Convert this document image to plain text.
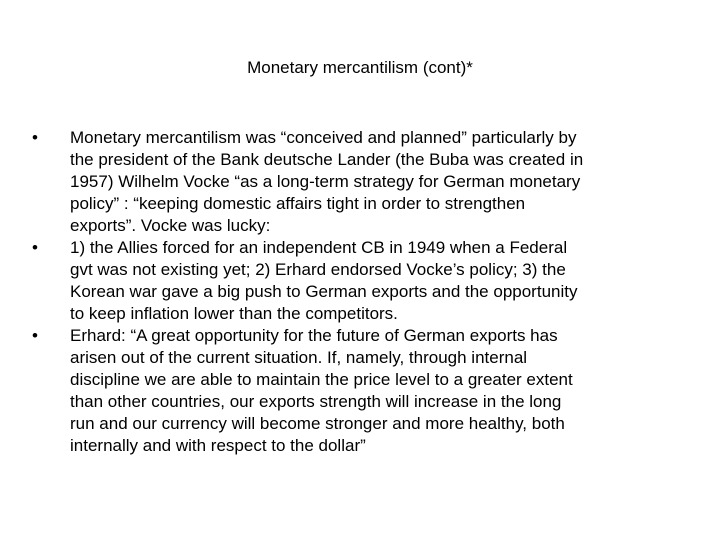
Monetary mercantilism (cont)*
• Monetary mercantilism was “conceived and planned” particularly by
the president of the Bank deutsche Lander (the Buba was created in
1957) Wilhelm Vocke “as a long-term strategy for German monetary
policy” : “keeping domestic affairs tight in order to strengthen
exports”. Vocke was lucky:
• 1) the Allies forced for an independent CB in 1949 when a Federal
gvt was not existing yet; 2) Erhard endorsed Vocke’s policy; 3) the
Korean war gave a big push to German exports and the opportunity
to keep inflation lower than the competitors.
• Erhard: “A great opportunity for the future of German exports has
arisen out of the current situation. If, namely, through internal
discipline we are able to maintain the price level to a greater extent
than other countries, our exports strength will increase in the long
run and our currency will become stronger and more healthy, both
internally and with respect to the dollar”
